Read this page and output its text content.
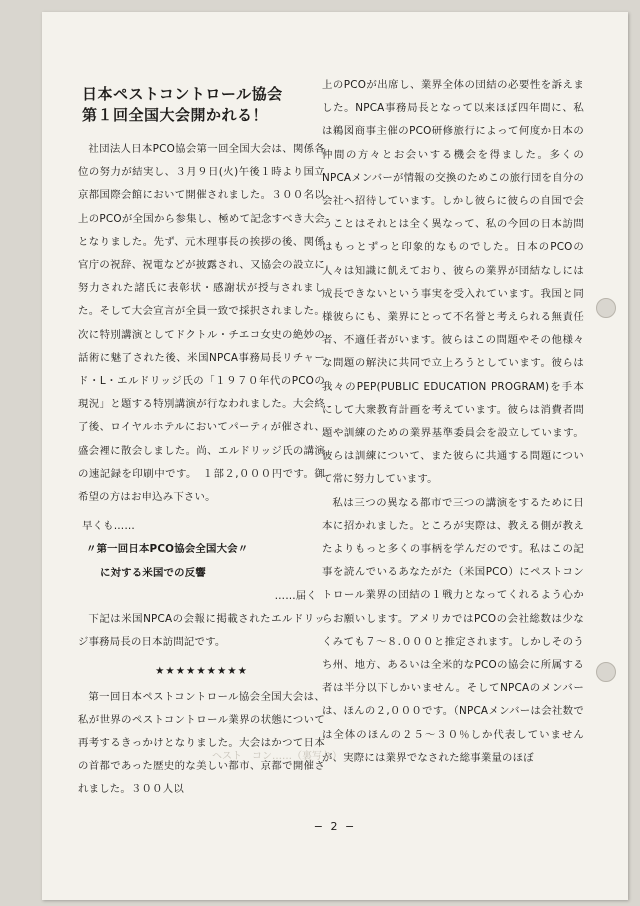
日本ペストコントロール協会
第１回全国大会開かれる！

社団法人日本PCO協会第一回全国大会は、関係各位の努力が結実し、３月９日(火)午後１時より国立京都国際会館において開催されました。３００名以上のPCOが全国から参集し、極めて記念すべき大会となりました。先ず、元木理事長の挨拶の後、関係官庁の祝辞、祝電などが披露され、又協会の設立に努力された諸氏に表彰状・感謝状が授与されました。そして大会宣言が全員一致で採択されました。次に特別講演としてドクトル・チエコ女史の絶妙の話術に魅了された後、米国NPCA事務局長リチャード・L・エルドリッジ氏の「１９７０年代のPCOの現況」と題する特別講演が行なわれました。大会終了後、ロイヤルホテルにおいてパーティが催され、盛会裡に散会しました。尚、エルドリッジ氏の講演の速記録を印刷中です。　１部２,０００円です。御希望の方はお申込み下さい。

早くも……
〃第一回日本PCO協会全国大会〃
に対する米国での反響
……届く

下記は米国NPCAの会報に掲載されたエルドリッジ事務局長の日本訪問記です。

★★★★★★★★★

第一回日本ペストコントロール協会全国大会は、私が世界のペストコントロール業界の状態について再考するきっかけとなりました。大会はかつて日本の首都であった歴史的な美しい都市、京都で開催されました。３００人以

上のPCOが出席し、業界全体の団結の必要性を訴えました。NPCA事務局長となって以来ほぼ四年間に、私は鵜図商事主催のPCO研修旅行によって何度か日本の仲間の方々とお会いする機会を得ました。多くのNPCAメンバーが情報の交換のためこの旅行団を自分の会社へ招待しています。しかし彼らに彼らの自国で会うことはそれとは全く異なって、私の今回の日本訪問はもっとずっと印象的なものでした。日本のPCOの人々は知識に飢えており、彼らの業界が団結なしには成長できないという事実を受入れています。我国と同様彼らにも、業界にとって不名誉と考えられる無責任者、不適任者がいます。彼らはこの問題やその他様々な問題の解決に共同で立上ろうとしています。彼らは我々のPEP(PUBLIC EDUCATION PROGRAM)を手本にして大衆教育計画を考えています。彼らは消費者問題や訓練のための業界基準委員会を設立しています。彼らは訓練について、また彼らに共通する問題について常に努力しています。

私は三つの異なる都市で三つの講演をするために日本に招かれました。ところが実際は、教える側が教えたよりもっと多くの事柄を学んだのです。私はこの記事を読んでいるあなたがた（米国PCO）にペストコントロール業界の団結の１戦力となってくれるよう心からお願いします。アメリカではPCOの会社総数は少なくみても７〜８.０００と推定されます。しかしそのうち州、地方、あるいは全米的なPCOの協会に所属する者は半分以下しかいません。そしてNPCAのメンバーは、ほんの２,０００です。（NPCAメンバーは会社数では全体のほんの２５〜３０％しか代表していませんが、実際には業界でなされた総事業量のほぼ

ヘスト　コン……（裏写り）
− 2 −
